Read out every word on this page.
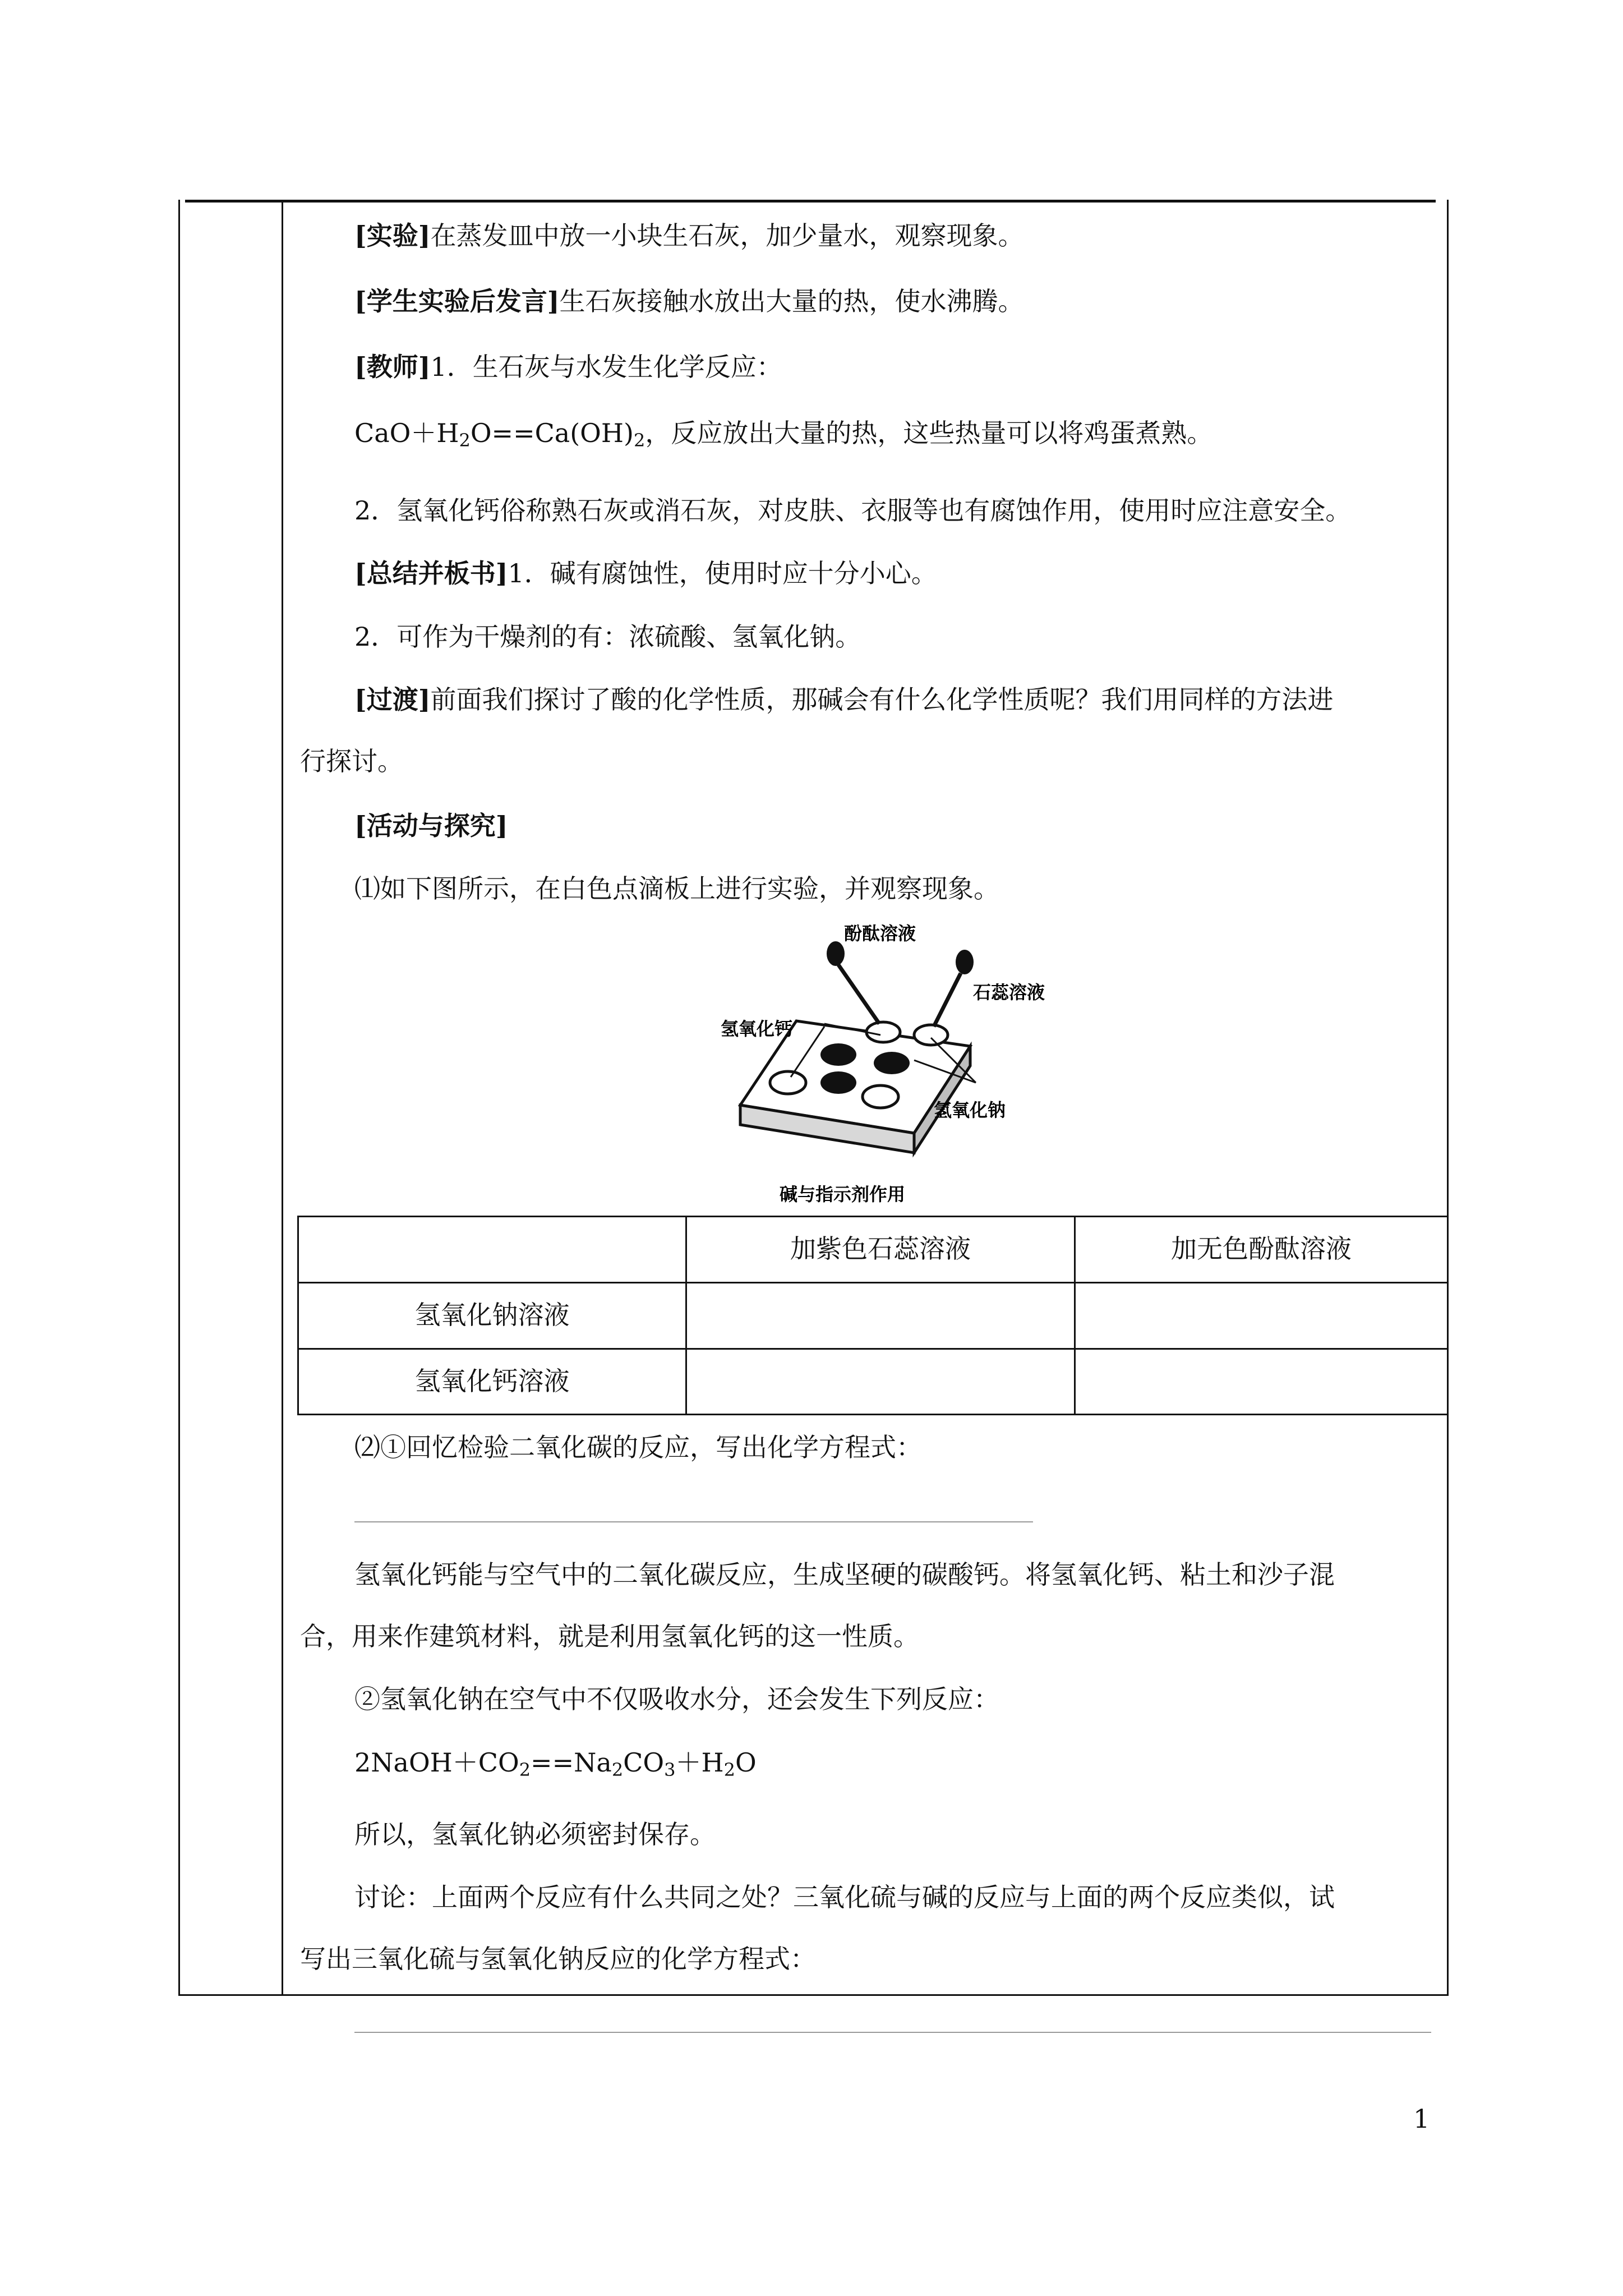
[实验]在蒸发皿中放一小块生石灰，加少量水，观察现象。
[学生实验后发言]生石灰接触水放出大量的热，使水沸腾。
[教师]1．生石灰与水发生化学反应：
$CaO+H_2O==Ca(OH)_2$，反应放出大量的热，这些热量可以将鸡蛋煮熟。
2．氢氧化钙俗称熟石灰或消石灰，对皮肤、衣服等也有腐蚀作用，使用时应注意安全。
[总结并板书]1．碱有腐蚀性，使用时应十分小心。
2．可作为干燥剂的有：浓硫酸、氢氧化钠。
[过渡]前面我们探讨了酸的化学性质，那碱会有什么化学性质呢？我们用同样的方法进
行探讨。
[活动与探究]
⑴如下图所示，在白色点滴板上进行实验，并观察现象。
酚酞溶液
石蕊溶液
氢氧化钙
氢氧化钠
碱与指示剂作用
加紫色石蕊溶液	加无色酚酞溶液
氢氧化钠溶液
氢氧化钙溶液
⑵①回忆检验二氧化碳的反应，写出化学方程式：
氢氧化钙能与空气中的二氧化碳反应，生成坚硬的碳酸钙。将氢氧化钙、粘土和沙子混
合，用来作建筑材料，就是利用氢氧化钙的这一性质。
②氢氧化钠在空气中不仅吸收水分，还会发生下列反应：
$2NaOH+CO_2==Na_2CO_3+H_2O$
所以，氢氧化钠必须密封保存。
讨论：上面两个反应有什么共同之处？三氧化硫与碱的反应与上面的两个反应类似，试
写出三氧化硫与氢氧化钠反应的化学方程式：
1
